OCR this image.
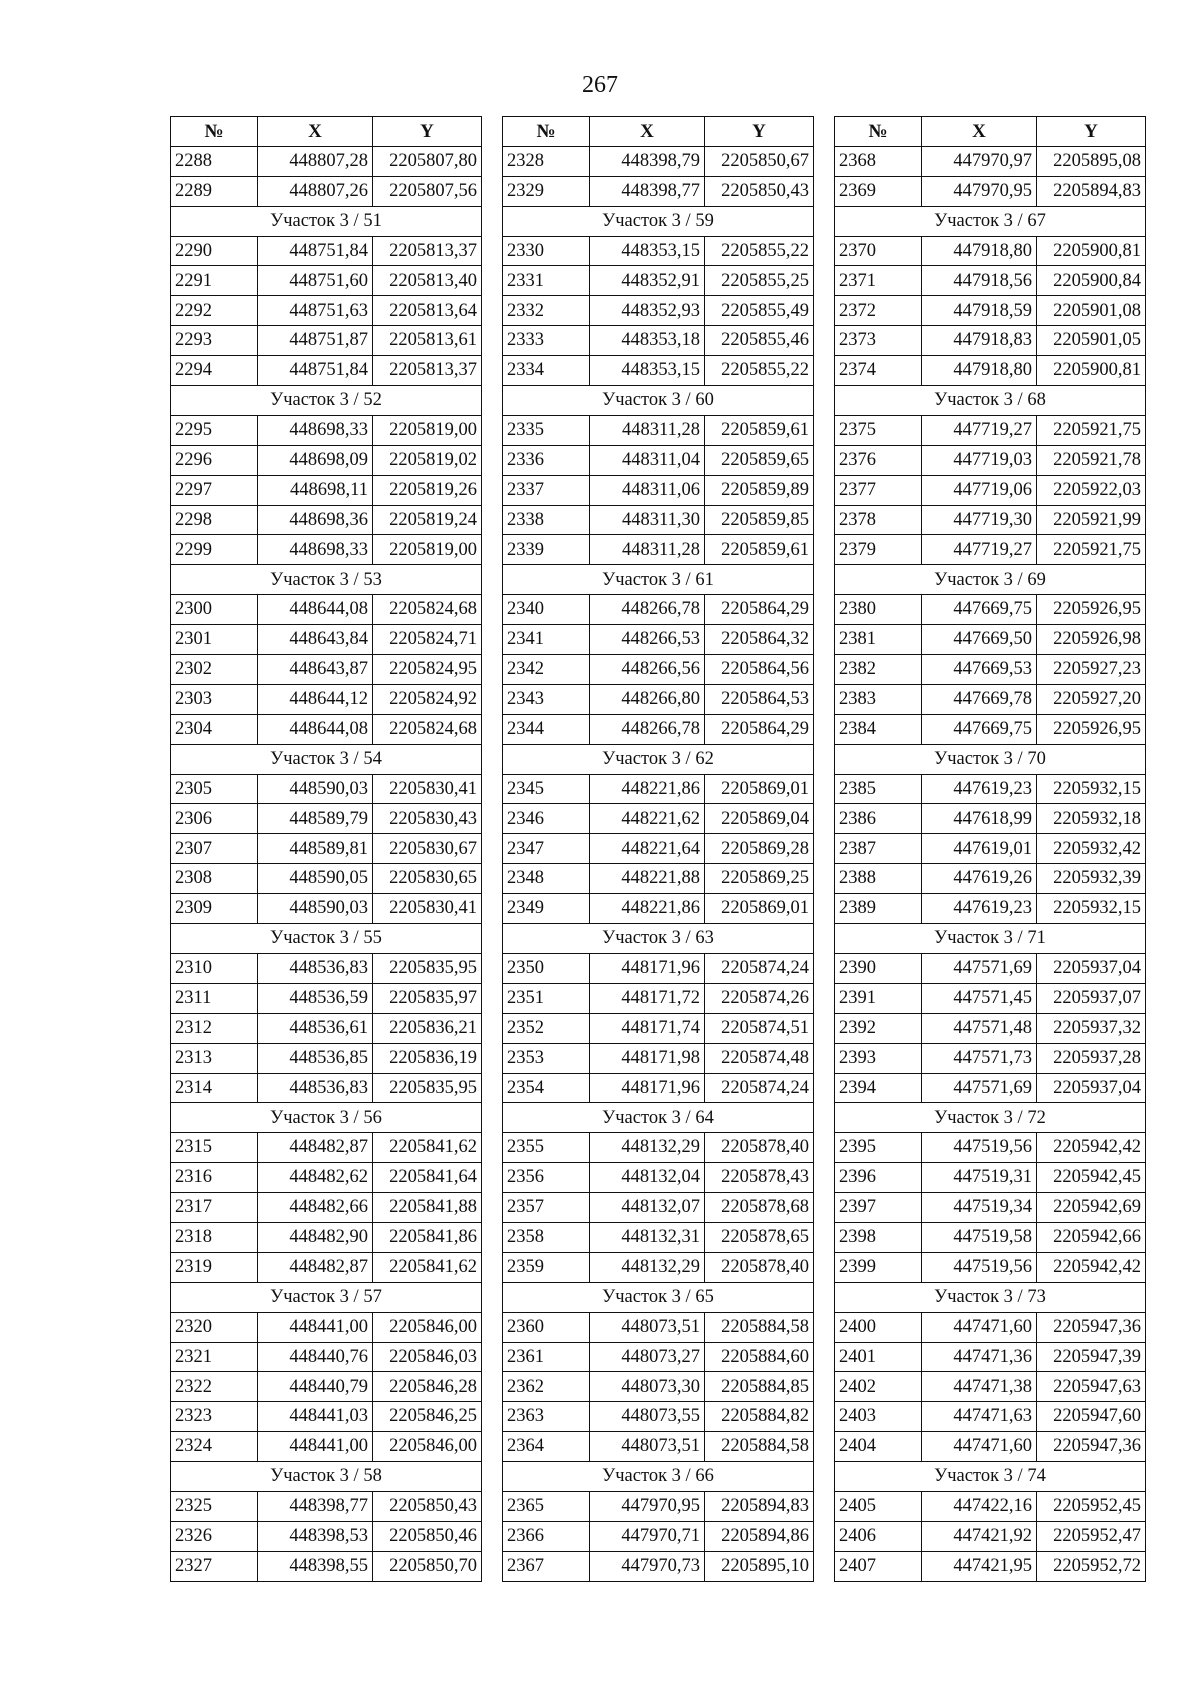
267
№	X	Y
2288	448807,28	2205807,80
2289	448807,26	2205807,56
Участок 3 / 51		
2290	448751,84	2205813,37
2291	448751,60	2205813,40
2292	448751,63	2205813,64
2293	448751,87	2205813,61
2294	448751,84	2205813,37
Участок 3 / 52		
2295	448698,33	2205819,00
2296	448698,09	2205819,02
2297	448698,11	2205819,26
2298	448698,36	2205819,24
2299	448698,33	2205819,00
Участок 3 / 53		
2300	448644,08	2205824,68
2301	448643,84	2205824,71
2302	448643,87	2205824,95
2303	448644,12	2205824,92
2304	448644,08	2205824,68
Участок 3 / 54		
2305	448590,03	2205830,41
2306	448589,79	2205830,43
2307	448589,81	2205830,67
2308	448590,05	2205830,65
2309	448590,03	2205830,41
Участок 3 / 55		
2310	448536,83	2205835,95
2311	448536,59	2205835,97
2312	448536,61	2205836,21
2313	448536,85	2205836,19
2314	448536,83	2205835,95
Участок 3 / 56		
2315	448482,87	2205841,62
2316	448482,62	2205841,64
2317	448482,66	2205841,88
2318	448482,90	2205841,86
2319	448482,87	2205841,62
Участок 3 / 57		
2320	448441,00	2205846,00
2321	448440,76	2205846,03
2322	448440,79	2205846,28
2323	448441,03	2205846,25
2324	448441,00	2205846,00
Участок 3 / 58		
2325	448398,77	2205850,43
2326	448398,53	2205850,46
2327	448398,55	2205850,70
№	X	Y
2328	448398,79	2205850,67
2329	448398,77	2205850,43
Участок 3 / 59		
2330	448353,15	2205855,22
2331	448352,91	2205855,25
2332	448352,93	2205855,49
2333	448353,18	2205855,46
2334	448353,15	2205855,22
Участок 3 / 60		
2335	448311,28	2205859,61
2336	448311,04	2205859,65
2337	448311,06	2205859,89
2338	448311,30	2205859,85
2339	448311,28	2205859,61
Участок 3 / 61		
2340	448266,78	2205864,29
2341	448266,53	2205864,32
2342	448266,56	2205864,56
2343	448266,80	2205864,53
2344	448266,78	2205864,29
Участок 3 / 62		
2345	448221,86	2205869,01
2346	448221,62	2205869,04
2347	448221,64	2205869,28
2348	448221,88	2205869,25
2349	448221,86	2205869,01
Участок 3 / 63		
2350	448171,96	2205874,24
2351	448171,72	2205874,26
2352	448171,74	2205874,51
2353	448171,98	2205874,48
2354	448171,96	2205874,24
Участок 3 / 64		
2355	448132,29	2205878,40
2356	448132,04	2205878,43
2357	448132,07	2205878,68
2358	448132,31	2205878,65
2359	448132,29	2205878,40
Участок 3 / 65		
2360	448073,51	2205884,58
2361	448073,27	2205884,60
2362	448073,30	2205884,85
2363	448073,55	2205884,82
2364	448073,51	2205884,58
Участок 3 / 66		
2365	447970,95	2205894,83
2366	447970,71	2205894,86
2367	447970,73	2205895,10
№	X	Y
2368	447970,97	2205895,08
2369	447970,95	2205894,83
Участок 3 / 67		
2370	447918,80	2205900,81
2371	447918,56	2205900,84
2372	447918,59	2205901,08
2373	447918,83	2205901,05
2374	447918,80	2205900,81
Участок 3 / 68		
2375	447719,27	2205921,75
2376	447719,03	2205921,78
2377	447719,06	2205922,03
2378	447719,30	2205921,99
2379	447719,27	2205921,75
Участок 3 / 69		
2380	447669,75	2205926,95
2381	447669,50	2205926,98
2382	447669,53	2205927,23
2383	447669,78	2205927,20
2384	447669,75	2205926,95
Участок 3 / 70		
2385	447619,23	2205932,15
2386	447618,99	2205932,18
2387	447619,01	2205932,42
2388	447619,26	2205932,39
2389	447619,23	2205932,15
Участок 3 / 71		
2390	447571,69	2205937,04
2391	447571,45	2205937,07
2392	447571,48	2205937,32
2393	447571,73	2205937,28
2394	447571,69	2205937,04
Участок 3 / 72		
2395	447519,56	2205942,42
2396	447519,31	2205942,45
2397	447519,34	2205942,69
2398	447519,58	2205942,66
2399	447519,56	2205942,42
Участок 3 / 73		
2400	447471,60	2205947,36
2401	447471,36	2205947,39
2402	447471,38	2205947,63
2403	447471,63	2205947,60
2404	447471,60	2205947,36
Участок 3 / 74		
2405	447422,16	2205952,45
2406	447421,92	2205952,47
2407	447421,95	2205952,72
